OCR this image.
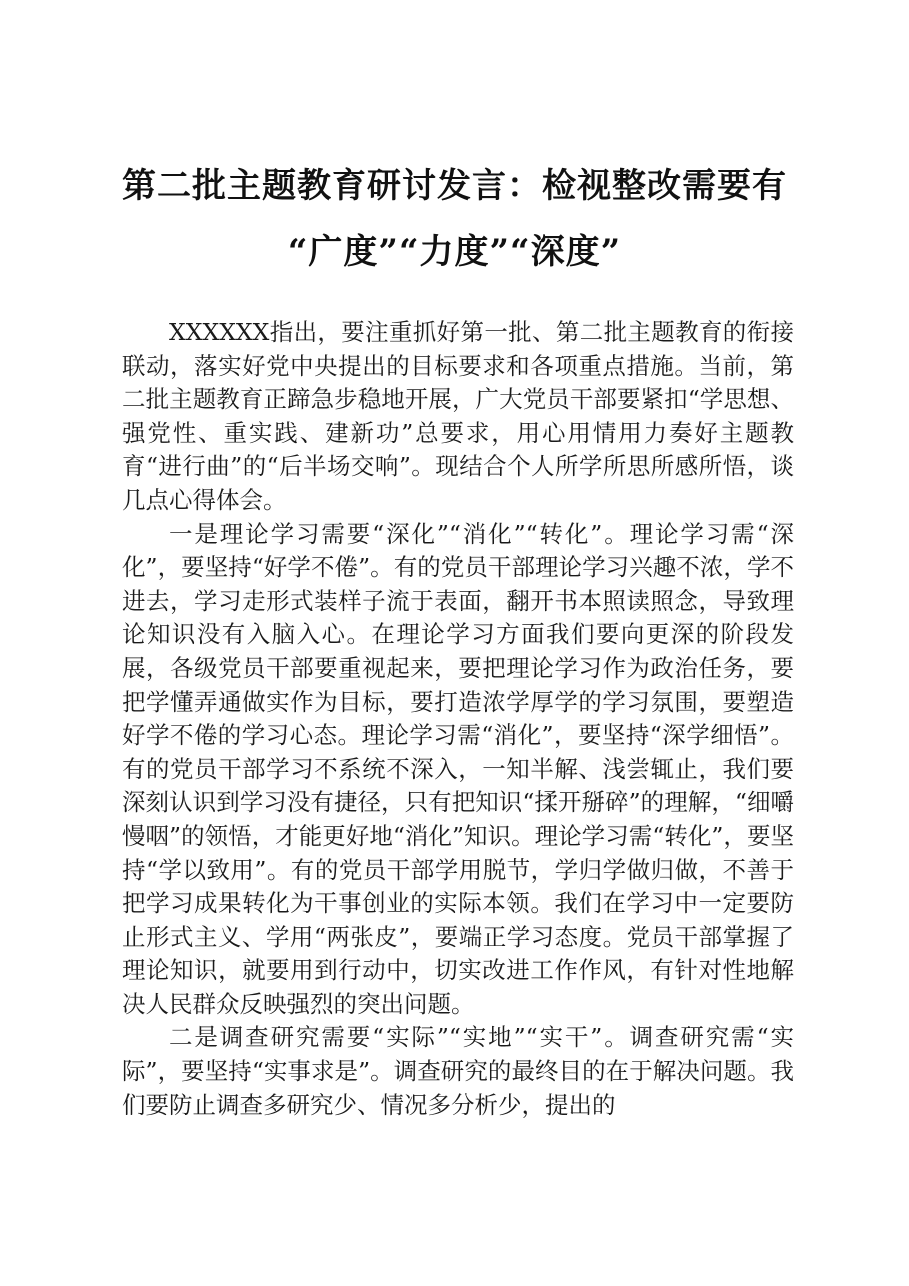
第二批主题教育研讨发言：检视整改需要有
“广度”“力度”“深度”

XXXXXX指出，要注重抓好第一批、第二批主题教育的衔接联动，落实好党中央提出的目标要求和各项重点措施。当前，第二批主题教育正蹄急步稳地开展，广大党员干部要紧扣“学思想、强党性、重实践、建新功”总要求，用心用情用力奏好主题教育“进行曲”的“后半场交响”。现结合个人所学所思所感所悟，谈几点心得体会。

一是理论学习需要“深化”“消化”“转化”。理论学习需“深化”，要坚持“好学不倦”。有的党员干部理论学习兴趣不浓，学不进去，学习走形式装样子流于表面，翻开书本照读照念，导致理论知识没有入脑入心。在理论学习方面我们要向更深的阶段发展，各级党员干部要重视起来，要把理论学习作为政治任务，要把学懂弄通做实作为目标，要打造浓学厚学的学习氛围，要塑造好学不倦的学习心态。理论学习需“消化”，要坚持“深学细悟”。有的党员干部学习不系统不深入，一知半解、浅尝辄止，我们要深刻认识到学习没有捷径，只有把知识“揉开掰碎”的理解，“细嚼慢咽”的领悟，才能更好地“消化”知识。理论学习需“转化”，要坚持“学以致用”。有的党员干部学用脱节，学归学做归做，不善于把学习成果转化为干事创业的实际本领。我们在学习中一定要防止形式主义、学用“两张皮”，要端正学习态度。党员干部掌握了理论知识，就要用到行动中，切实改进工作作风，有针对性地解决人民群众反映强烈的突出问题。

二是调查研究需要“实际”“实地”“实干”。调查研究需“实际”，要坚持“实事求是”。调查研究的最终目的在于解决问题。我们要防止调查多研究少、情况多分析少，提出的
